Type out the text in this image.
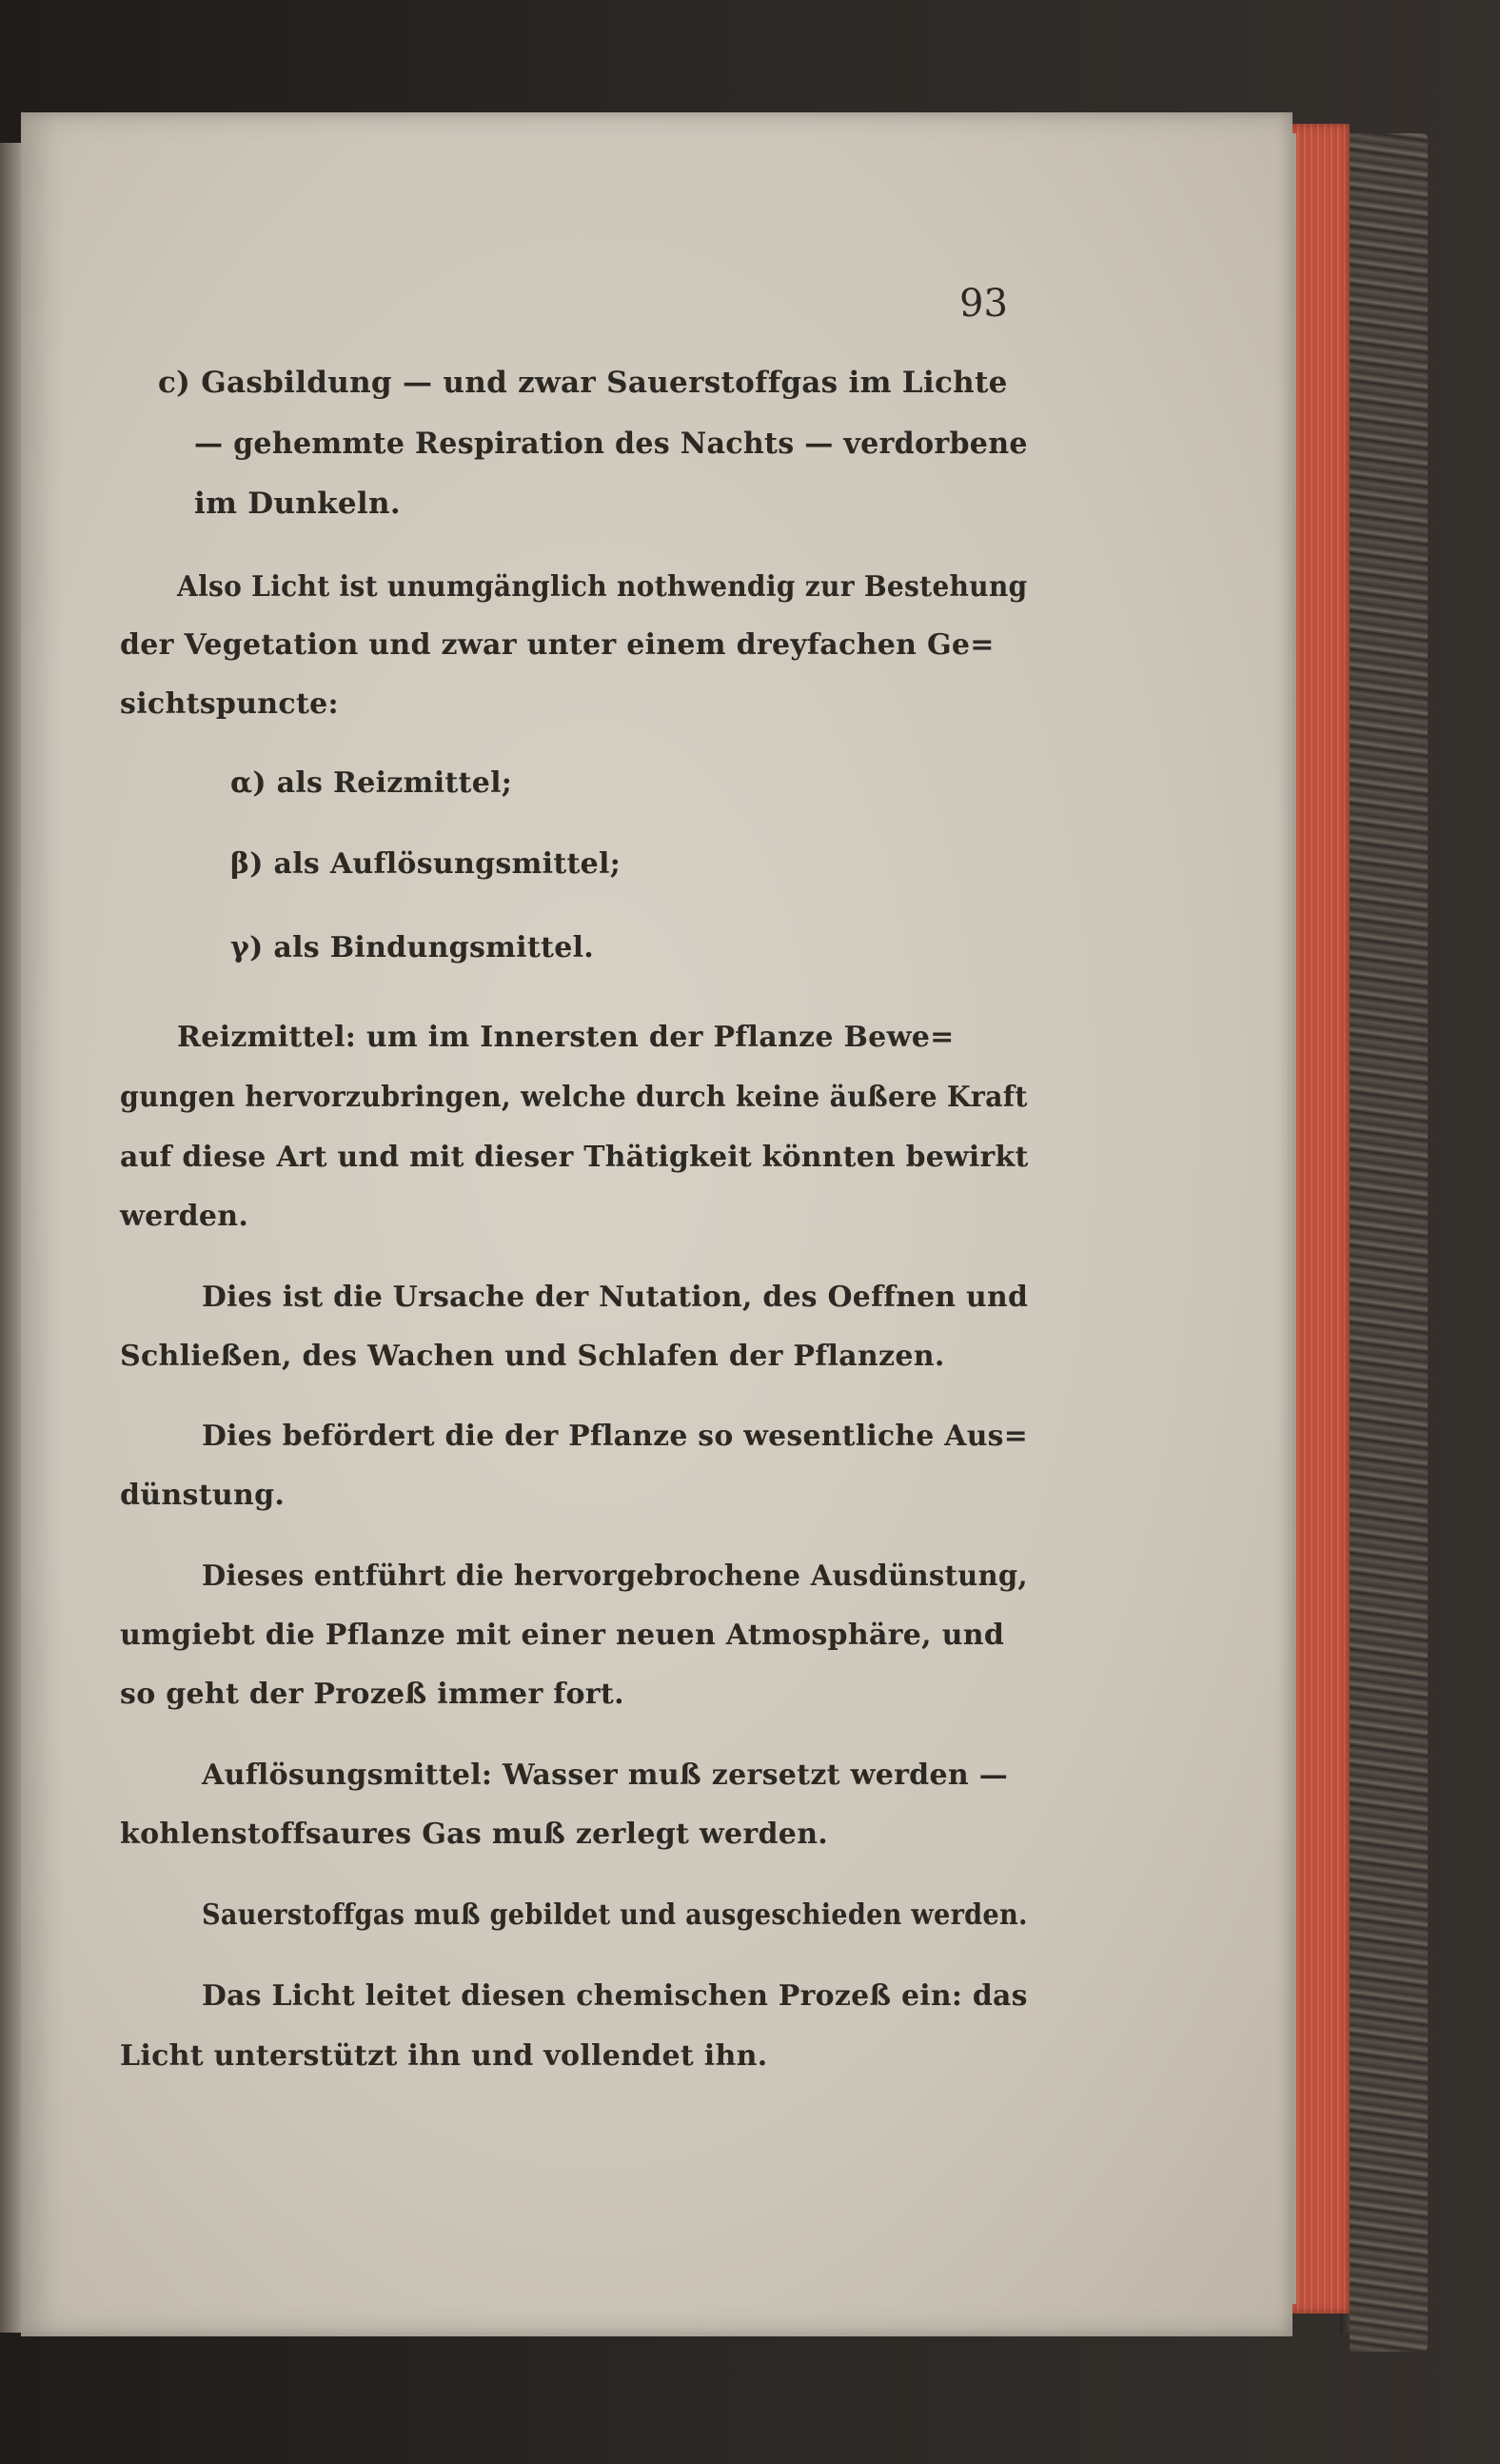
93

c) Gasbildung — und zwar Sauerstoffgas im Lichte

— gehemmte Respiration des Nachts — verdorbene

im Dunkeln.

Also Licht ist unumgänglich nothwendig zur Bestehung

der Vegetation und zwar unter einem dreyfachen Ge=

sichtspuncte:

α) als Reizmittel;

β) als Auflösungsmittel;

γ) als Bindungsmittel.

Reizmittel: um im Innersten der Pflanze Bewe=

gungen hervorzubringen, welche durch keine äußere Kraft

auf diese Art und mit dieser Thätigkeit könnten bewirkt

werden.

Dies ist die Ursache der Nutation, des Oeffnen und

Schließen, des Wachen und Schlafen der Pflanzen.

Dies befördert die der Pflanze so wesentliche Aus=

dünstung.

Dieses entführt die hervorgebrochene Ausdünstung,

umgiebt die Pflanze mit einer neuen Atmosphäre, und

so geht der Prozeß immer fort.

Auflösungsmittel: Wasser muß zersetzt werden —

kohlenstoffsaures Gas muß zerlegt werden.

Sauerstoffgas muß gebildet und ausgeschieden werden.

Das Licht leitet diesen chemischen Prozeß ein: das

Licht unterstützt ihn und vollendet ihn.
